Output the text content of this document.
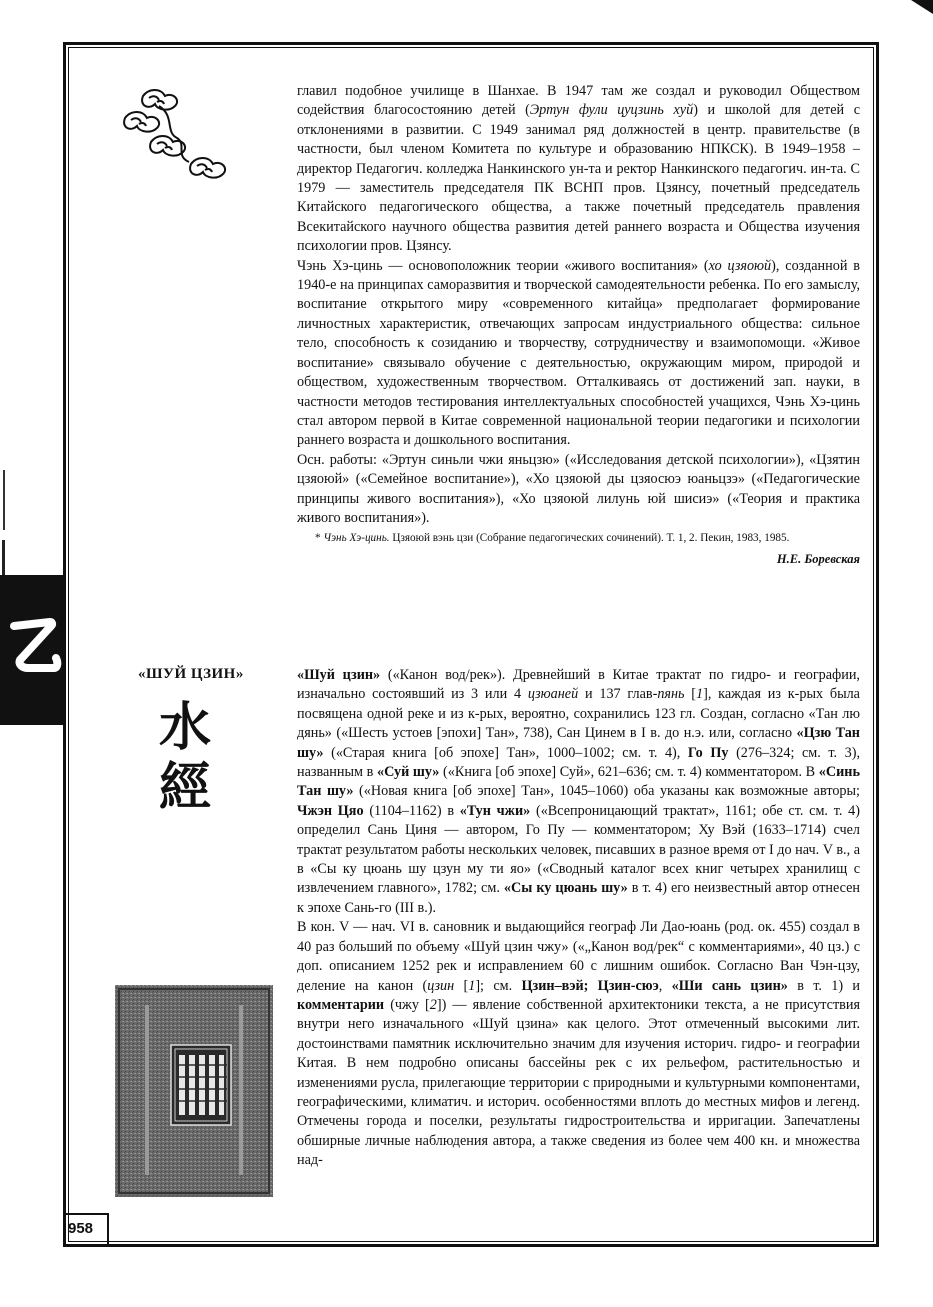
главил подобное училище в Шанхае. В 1947 там же создал и руководил Обществом содействия благосостоянию детей (Эртун фули цуцзинь хуй) и школой для детей с отклонениями в развитии. С 1949 занимал ряд должностей в центр. правительстве (в частности, был членом Комитета по культуре и образованию НПКСК). В 1949–1958 – директор Педагогич. колледжа Нанкинского ун-та и ректор Нанкинского педагогич. ин-та. С 1979 — заместитель председателя ПК ВСНП пров. Цзянсу, почетный председатель Китайского педагогического общества, а также почетный председатель правления Всекитайского научного общества развития детей раннего возраста и Общества изучения психологии пров. Цзянсу.

Чэнь Хэ-цинь — основоположник теории «живого воспитания» (хо цзяоюй), созданной в 1940-е на принципах саморазвития и творческой самодеятельности ребенка. По его замыслу, воспитание открытого миру «современного китайца» предполагает формирование личностных характеристик, отвечающих запросам индустриального общества: сильное тело, способность к созиданию и творчеству, сотрудничеству и взаимопомощи. «Живое воспитание» связывало обучение с деятельностью, окружающим миром, природой и обществом, художественным творчеством. Отталкиваясь от достижений зап. науки, в частности методов тестирования интеллектуальных способностей учащихся, Чэнь Хэ-цинь стал автором первой в Китае современной национальной теории педагогики и психологии раннего возраста и дошкольного воспитания.

Осн. работы: «Эртун синьли чжи яньцзю» («Исследования детской психологии»), «Цзятин цзяоюй» («Семейное воспитание»), «Хо цзяоюй ды цзяосюэ юаньцзэ» («Педагогические принципы живого воспитания»), «Хо цзяоюй лилунь юй шисиэ» («Теория и практика живого воспитания»).

* Чэнь Хэ-цинь. Цзяоюй вэнь цзи (Собрание педагогических сочинений). Т. 1, 2. Пекин, 1983, 1985.

Н.Е. Боревская

«ШУЙ ЦЗИН»
水
經

«Шуй цзин» («Канон вод/рек»). Древнейший в Китае трактат по гидро- и географии, изначально состоявший из 3 или 4 цзюаней и 137 глав-пянь [1], каждая из к-рых была посвящена одной реке и из к-рых, вероятно, сохранились 123 гл. Создан, согласно «Тан лю дянь» («Шесть устоев [эпохи] Тан», 738), Сан Цинем в I в. до н.э. или, согласно «Цзю Тан шу» («Старая книга [об эпохе] Тан», 1000–1002; см. т. 4), Го Пу (276–324; см. т. 3), названным в «Суй шу» («Книга [об эпохе] Суй», 621–636; см. т. 4) комментатором. В «Синь Тан шу» («Новая книга [об эпохе] Тан», 1045–1060) оба указаны как возможные авторы; Чжэн Цяо (1104–1162) в «Тун чжи» («Всепроницающий трактат», 1161; обе ст. см. т. 4) определил Сань Циня — автором, Го Пу — комментатором; Ху Вэй (1633–1714) счел трактат результатом работы нескольких человек, писавших в разное время от I до нач. V в., а в «Сы ку цюань шу цзун му ти яо» («Сводный каталог всех книг четырех хранилищ с извлечением главного», 1782; см. «Сы ку цюань шу» в т. 4) его неизвестный автор отнесен к эпохе Сань-го (III в.).

В кон. V — нач. VI в. сановник и выдающийся географ Ли Дао-юань (род. ок. 455) создал в 40 раз больший по объему «Шуй цзин чжу» («„Канон вод/рек“ с комментариями», 40 цз.) с доп. описанием 1252 рек и исправлением 60 с лишним ошибок. Согласно Ван Чэн-цзу, деление на канон (цзин [1]; см. Цзин–вэй; Цзин-сюэ, «Ши сань цзин» в т. 1) и комментарии (чжу [2]) — явление собственной архитектоники текста, а не присутствия внутри него изначального «Шуй цзина» как целого. Этот отмеченный высокими лит. достоинствами памятник исключительно значим для изучения историч. гидро- и географии Китая. В нем подробно описаны бассейны рек с их рельефом, растительностью и изменениями русла, прилегающие территории с природными и культурными компонентами, географическими, климатич. и историч. особенностями вплоть до местных мифов и легенд. Отмечены города и поселки, результаты гидростроительства и ирригации. Запечатлены обширные личные наблюдения автора, а также сведения из более чем 400 кн. и множества над-

958
